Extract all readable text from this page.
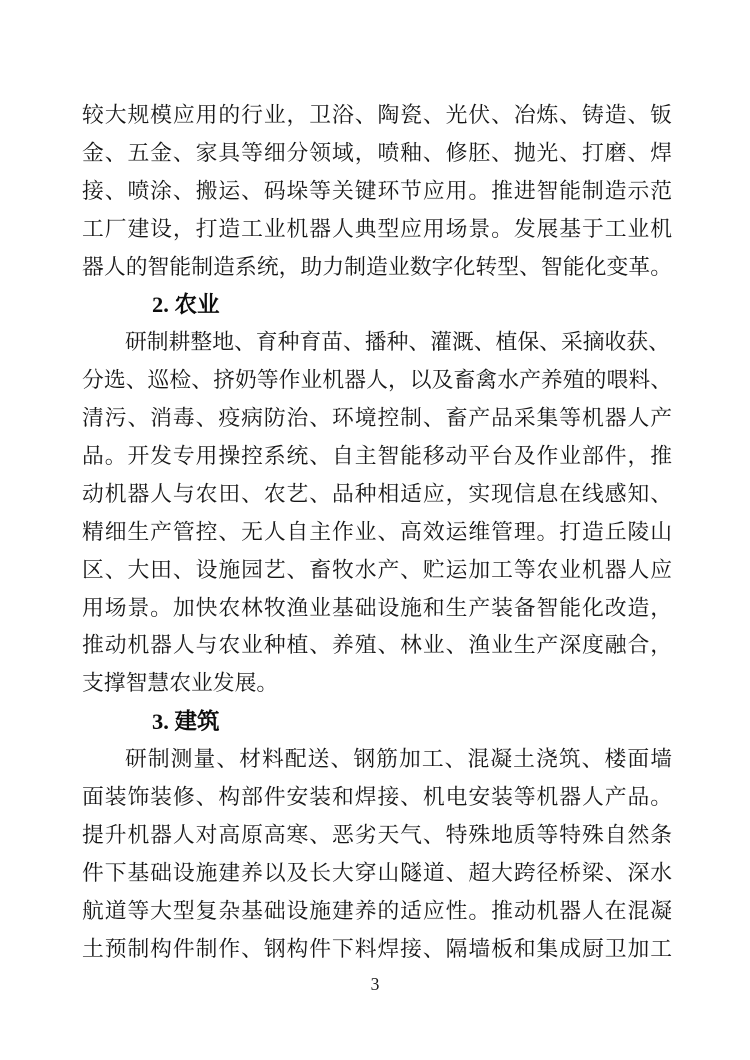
较大规模应用的行业，卫浴、陶瓷、光伏、冶炼、铸造、钣
金、五金、家具等细分领域，喷釉、修胚、抛光、打磨、焊
接、喷涂、搬运、码垛等关键环节应用。推进智能制造示范
工厂建设，打造工业机器人典型应用场景。发展基于工业机
器人的智能制造系统，助力制造业数字化转型、智能化变革。
2. 农业
研制耕整地、育种育苗、播种、灌溉、植保、采摘收获、
分选、巡检、挤奶等作业机器人，以及畜禽水产养殖的喂料、
清污、消毒、疫病防治、环境控制、畜产品采集等机器人产
品。开发专用操控系统、自主智能移动平台及作业部件，推
动机器人与农田、农艺、品种相适应，实现信息在线感知、
精细生产管控、无人自主作业、高效运维管理。打造丘陵山
区、大田、设施园艺、畜牧水产、贮运加工等农业机器人应
用场景。加快农林牧渔业基础设施和生产装备智能化改造，
推动机器人与农业种植、养殖、林业、渔业生产深度融合，
支撑智慧农业发展。
3. 建筑
研制测量、材料配送、钢筋加工、混凝土浇筑、楼面墙
面装饰装修、构部件安装和焊接、机电安装等机器人产品。
提升机器人对高原高寒、恶劣天气、特殊地质等特殊自然条
件下基础设施建养以及长大穿山隧道、超大跨径桥梁、深水
航道等大型复杂基础设施建养的适应性。推动机器人在混凝
土预制构件制作、钢构件下料焊接、隔墙板和集成厨卫加工
3
